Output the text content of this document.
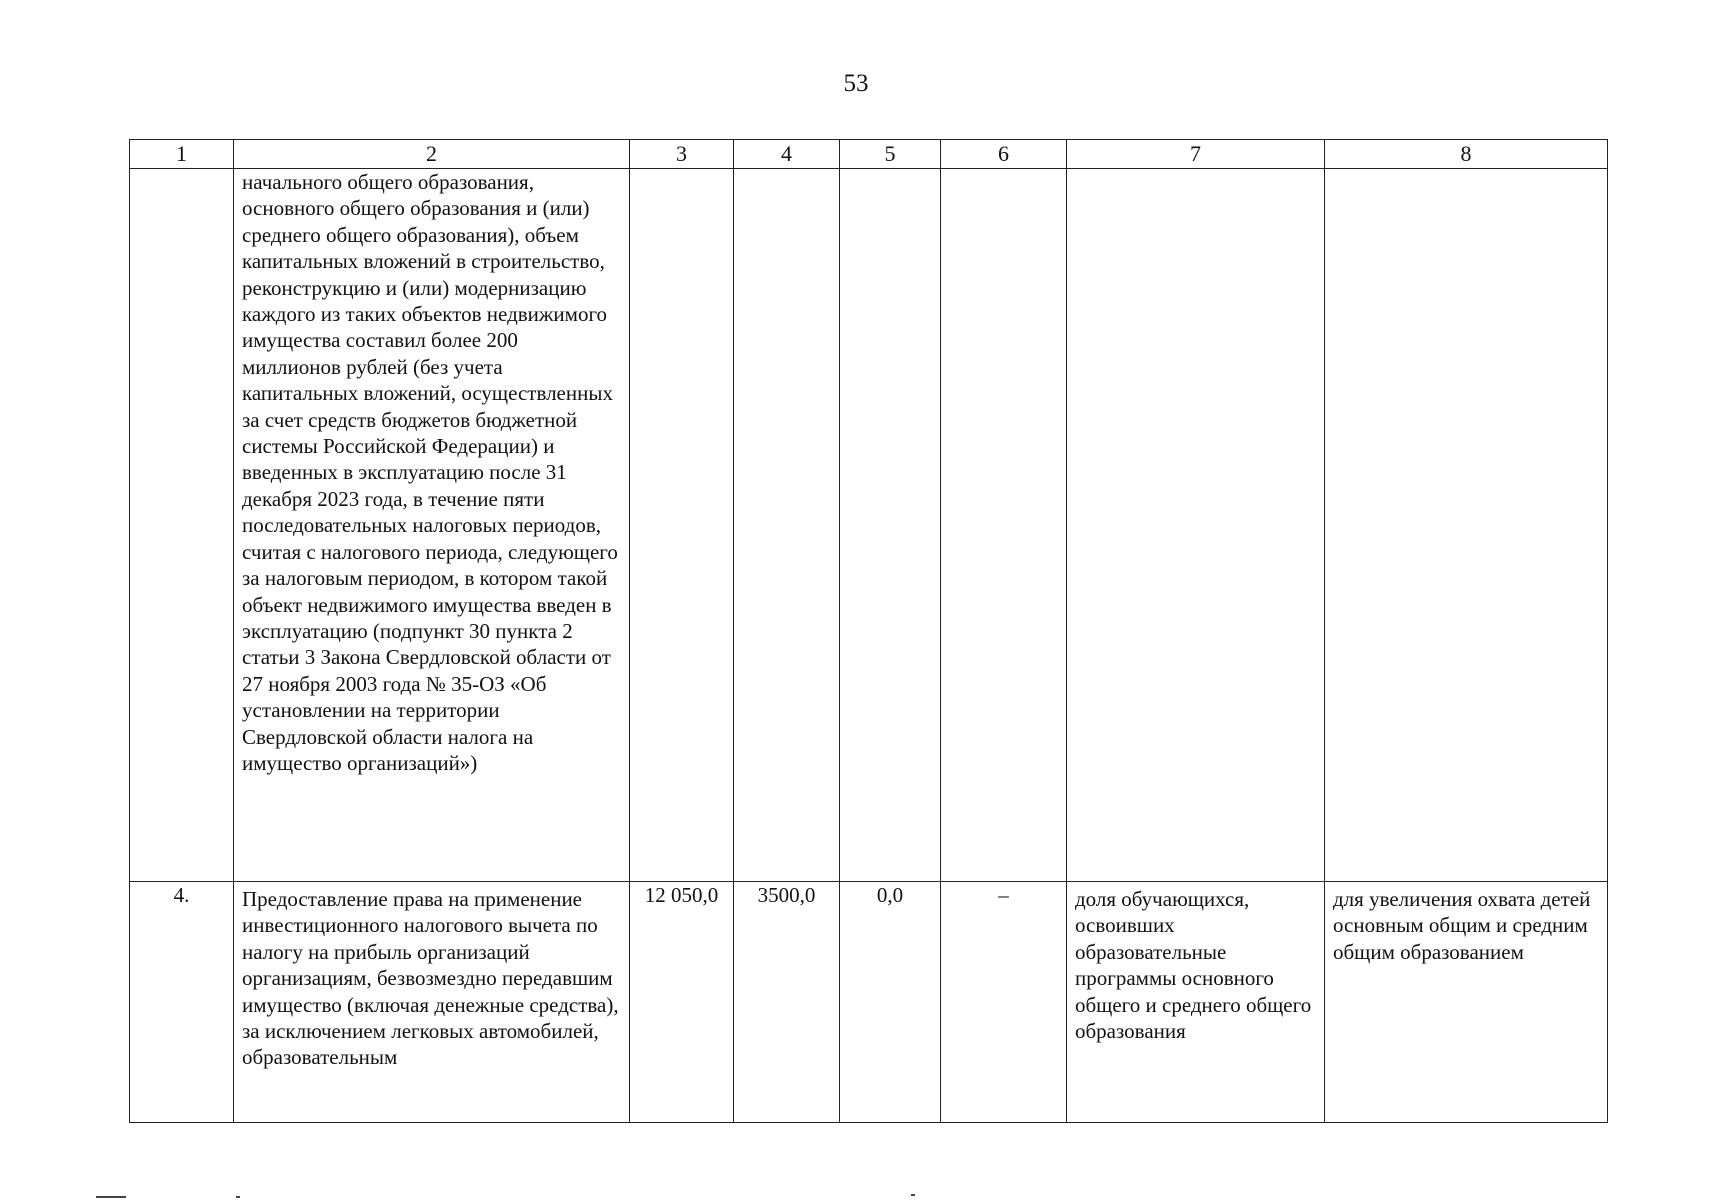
53
1	2	3	4	5	6	7	8

	начального общего образования, основного общего образования и (или) среднего общего образования), объем капитальных вложений в строительство, реконструкцию и (или) модернизацию каждого из таких объектов недвижимого имущества составил более 200 миллионов рублей (без учета капитальных вложений, осуществленных за счет средств бюджетов бюджетной системы Российской Федерации) и введенных в эксплуатацию после 31 декабря 2023 года, в течение пяти последовательных налоговых периодов, считая с налогового периода, следующего за налоговым периодом, в котором такой объект недвижимого имущества введен в эксплуатацию (подпункт 30 пункта 2 статьи 3 Закона Свердловской области от 27 ноября 2003 года № 35-ОЗ «Об установлении на территории Свердловской области налога на имущество организаций»)						

4.	Предоставление права на применение инвестиционного налогового вычета по налогу на прибыль организаций организациям, безвозмездно передавшим имущество (включая денежные средства), за исключением легковых автомобилей, образовательным	12 050,0	3500,0	0,0	–	доля обучающихся, освоивших образовательные программы основного общего и среднего общего образования	для увеличения охвата детей основным общим и средним общим образованием
